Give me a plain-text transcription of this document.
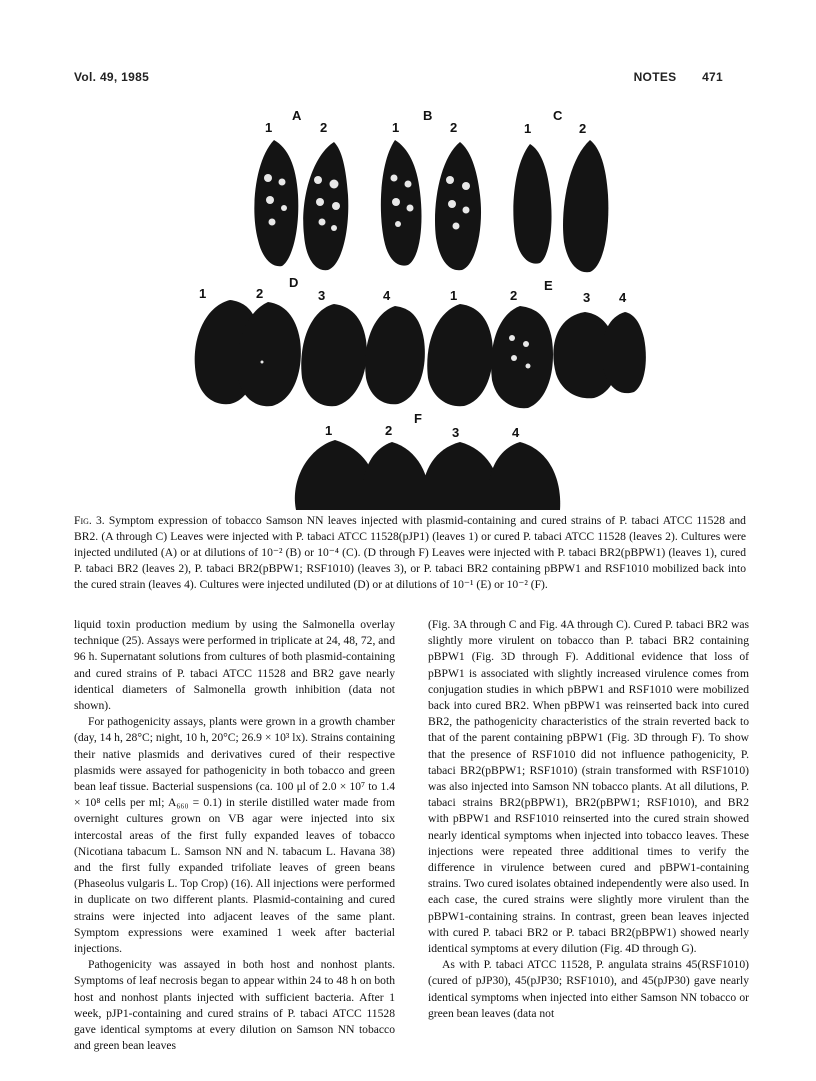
Vol. 49, 1985	NOTES 471
A
1	2
B
1	2
C
1	2
D
1	2	3	4
E
1	2	3 4
F
1	2	3	4
Fig. 3. Symptom expression of tobacco Samson NN leaves injected with plasmid-containing and cured strains of P. tabaci ATCC 11528 and BR2. (A through C) Leaves were injected with P. tabaci ATCC 11528(pJP1) (leaves 1) or cured P. tabaci ATCC 11528 (leaves 2). Cultures were injected undiluted (A) or at dilutions of 10⁻² (B) or 10⁻⁴ (C). (D through F) Leaves were injected with P. tabaci BR2(pBPW1) (leaves 1), cured P. tabaci BR2 (leaves 2), P. tabaci BR2(pBPW1; RSF1010) (leaves 3), or P. tabaci BR2 containing pBPW1 and RSF1010 mobilized back into the cured strain (leaves 4). Cultures were injected undiluted (D) or at dilutions of 10⁻¹ (E) or 10⁻² (F).

liquid toxin production medium by using the Salmonella overlay technique (25). Assays were performed in triplicate at 24, 48, 72, and 96 h. Supernatant solutions from cultures of both plasmid-containing and cured strains of P. tabaci ATCC 11528 and BR2 gave nearly identical diameters of Salmonella growth inhibition (data not shown).

For pathogenicity assays, plants were grown in a growth chamber (day, 14 h, 28°C; night, 10 h, 20°C; 26.9 × 10³ lx). Strains containing their native plasmids and derivatives cured of their respective plasmids were assayed for pathogenicity in both tobacco and green bean leaf tissue. Bacterial suspensions (ca. 100 μl of 2.0 × 10⁷ to 1.4 × 10⁸ cells per ml; A₆₆₀ = 0.1) in sterile distilled water made from overnight cultures grown on VB agar were injected into six intercostal areas of the first fully expanded leaves of tobacco (Nicotiana tabacum L. Samson NN and N. tabacum L. Havana 38) and the first fully expanded trifoliate leaves of green beans (Phaseolus vulgaris L. Top Crop) (16). All injections were performed in duplicate on two different plants. Plasmid-containing and cured strains were injected into adjacent leaves of the same plant. Symptom expressions were examined 1 week after bacterial injections.

Pathogenicity was assayed in both host and nonhost plants. Symptoms of leaf necrosis began to appear within 24 to 48 h on both host and nonhost plants injected with sufficient bacteria. After 1 week, pJP1-containing and cured strains of P. tabaci ATCC 11528 gave identical symptoms at every dilution on Samson NN tobacco and green bean leaves

(Fig. 3A through C and Fig. 4A through C). Cured P. tabaci BR2 was slightly more virulent on tobacco than P. tabaci BR2 containing pBPW1 (Fig. 3D through F). Additional evidence that loss of pBPW1 is associated with slightly increased virulence comes from conjugation studies in which pBPW1 and RSF1010 were mobilized back into cured BR2. When pBPW1 was reinserted back into cured BR2, the pathogenicity characteristics of the strain reverted back to that of the parent containing pBPW1 (Fig. 3D through F). To show that the presence of RSF1010 did not influence pathogenicity, P. tabaci BR2(pBPW1; RSF1010) (strain transformed with RSF1010) was also injected into Samson NN tobacco plants. At all dilutions, P. tabaci strains BR2(pBPW1), BR2(pBPW1; RSF1010), and BR2 with pBPW1 and RSF1010 reinserted into the cured strain showed nearly identical symptoms when injected into tobacco leaves. These injections were repeated three additional times to verify the difference in virulence between cured and pBPW1-containing strains. Two cured isolates obtained independently were also used. In each case, the cured strains were slightly more virulent than the pBPW1-containing strains. In contrast, green bean leaves injected with cured P. tabaci BR2 or P. tabaci BR2(pBPW1) showed nearly identical symptoms at every dilution (Fig. 4D through G).

As with P. tabaci ATCC 11528, P. angulata strains 45(RSF1010) (cured of pJP30), 45(pJP30; RSF1010), and 45(pJP30) gave nearly identical symptoms when injected into either Samson NN tobacco or green bean leaves (data not
